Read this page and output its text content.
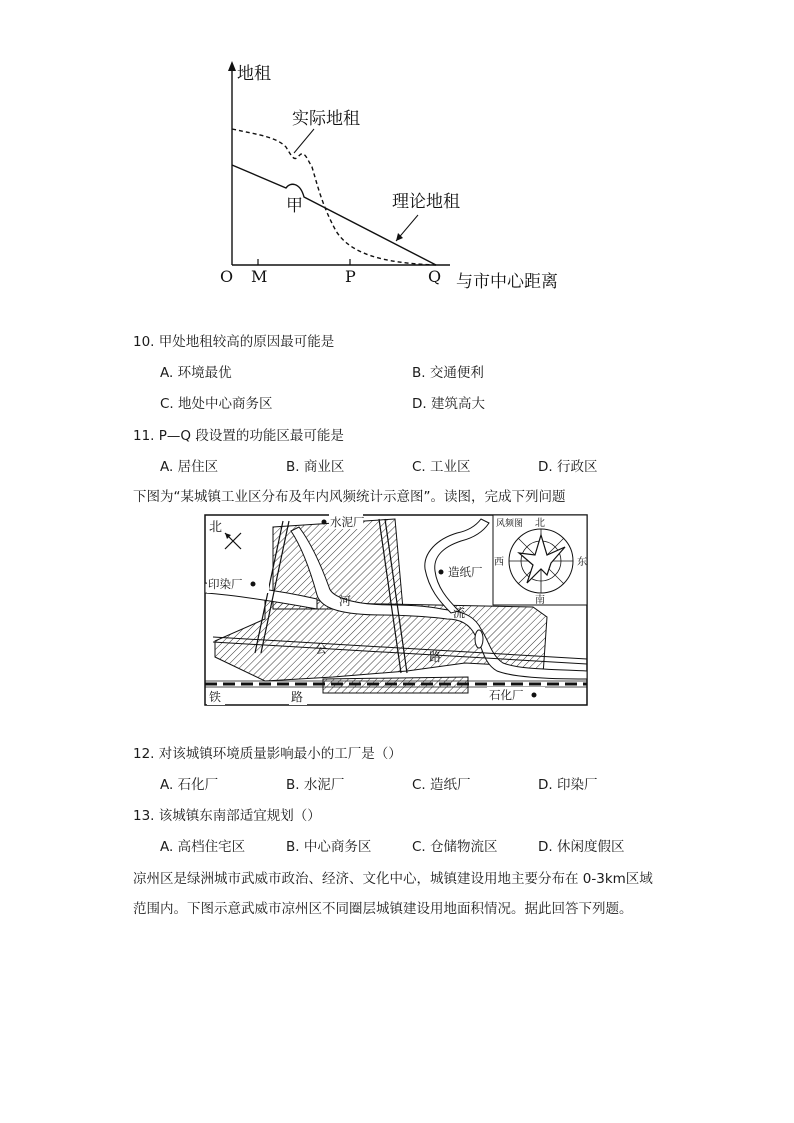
地租
实际地租
理论地租
甲
O M	P	Q 与市中心距离
10. 甲处地租较高的原因最可能是
A. 环境最优	B. 交通便利
C. 地处中心商务区	D. 建筑高大
11. P—Q 段设置的功能区最可能是
A. 居住区	B. 商业区	C. 工业区	D. 行政区
下图为“某城镇工业区分布及年内风频统计示意图”。读图，完成下列问题
北	水泥厂
印染厂
造纸厂
石化厂
河
流
公
路
铁	路
风频图 北
南
西	东
12. 对该城镇环境质量影响最小的工厂是（）
A. 石化厂	B. 水泥厂	C. 造纸厂	D. 印染厂
13. 该城镇东南部适宜规划（）
A. 高档住宅区	B. 中心商务区	C. 仓储物流区	D. 休闲度假区
凉州区是绿洲城市武威市政治、经济、文化中心，城镇建设用地主要分布在 0-3km区域
范围内。下图示意武威市凉州区不同圈层城镇建设用地面积情况。据此回答下列题。
